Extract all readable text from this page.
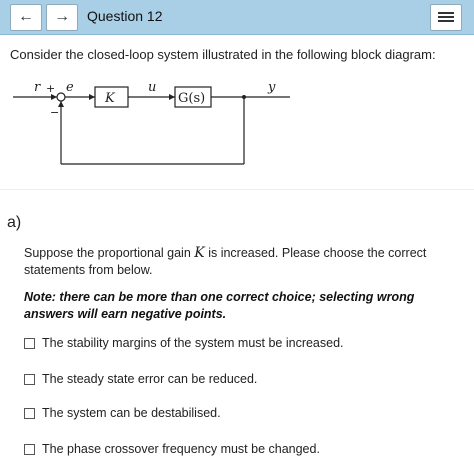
←	→	Question 12
Consider the closed-loop system illustrated in the following block diagram:
r e	u	y
K	G(s)
+
−
a)
Suppose the proportional gain K is increased. Please choose the correct statements from below.
Note: there can be more than one correct choice; selecting wrong answers will earn negative points.
The stability margins of the system must be increased.
The steady state error can be reduced.
The system can be destabilised.
The phase crossover frequency must be changed.
